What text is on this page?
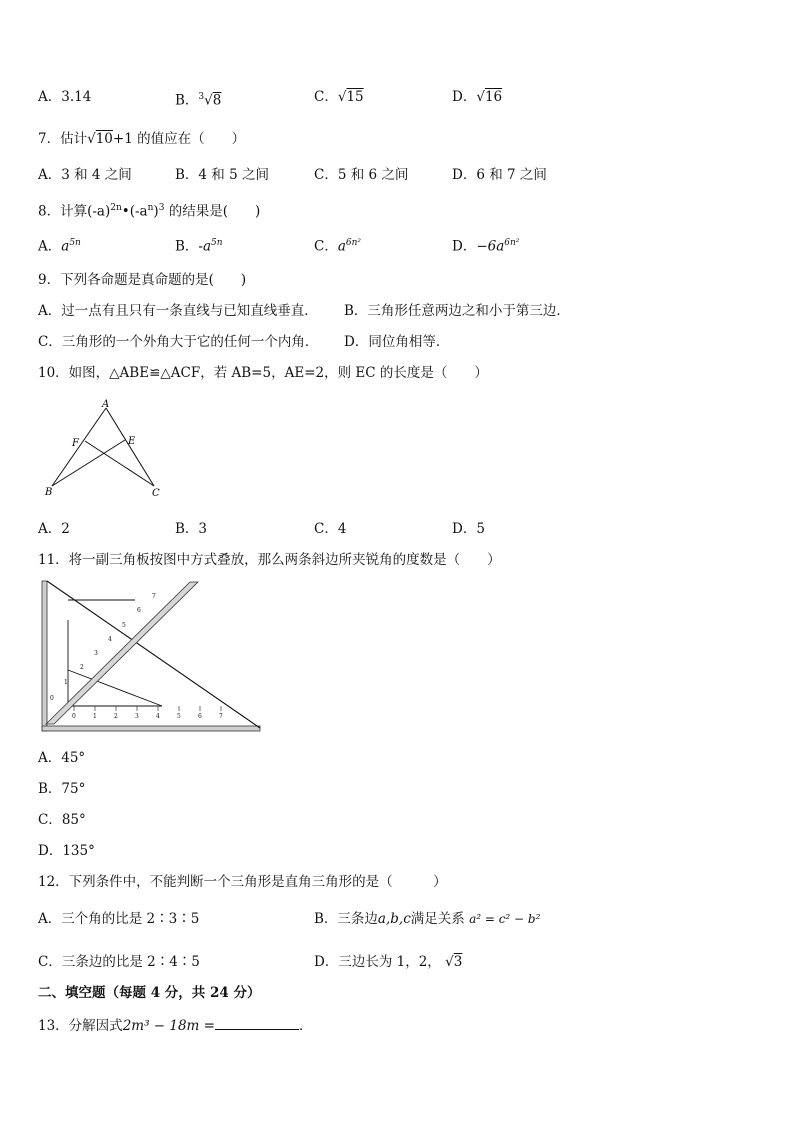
A．3.14	B．$^3$√8	C．√15	D．√16
7．估计√10+1 的值应在（　　）
A．3 和 4 之间	B．4 和 5 之间	C．5 和 6 之间	D．6 和 7 之间
8．计算$(-a)^{2n}•(-a^n)^3$ 的结果是(　　)
A．$a^{5n}$	B．$-a^{5n}$	C．$a^{6n^2}$	D．$-6a^{6n^2}$
9．下列各命题是真命题的是(　　)
A．过一点有且只有一条直线与已知直线垂直． B．三角形任意两边之和小于第三边．
C．三角形的一个外角大于它的任何一个内角． D．同位角相等．
10．如图，△ABE≌△ACF，若 AB=5，AE=2，则 EC 的长度是（　　）
A
F	E
B	C
A．2	B．3	C．4	D．5
11．将一副三角板按图中方式叠放，那么两条斜边所夹锐角的度数是（　　）
0	1	2	3	4	5	6	7
0
1
2
3
4
5
6
7
A．45°
B．75°
C．85°
D．135°
12．下列条件中，不能判断一个三角形是直角三角形的是（　　　）
A．三个角的比是 2∶3∶5	B．三条边a,b,c满足关系 a² = c² − b²
C．三条边的比是 2∶4∶5	D．三边长为 1，2， √3
二、填空题（每题 4 分，共 24 分）
13．分解因式2m³ − 18m =	．
